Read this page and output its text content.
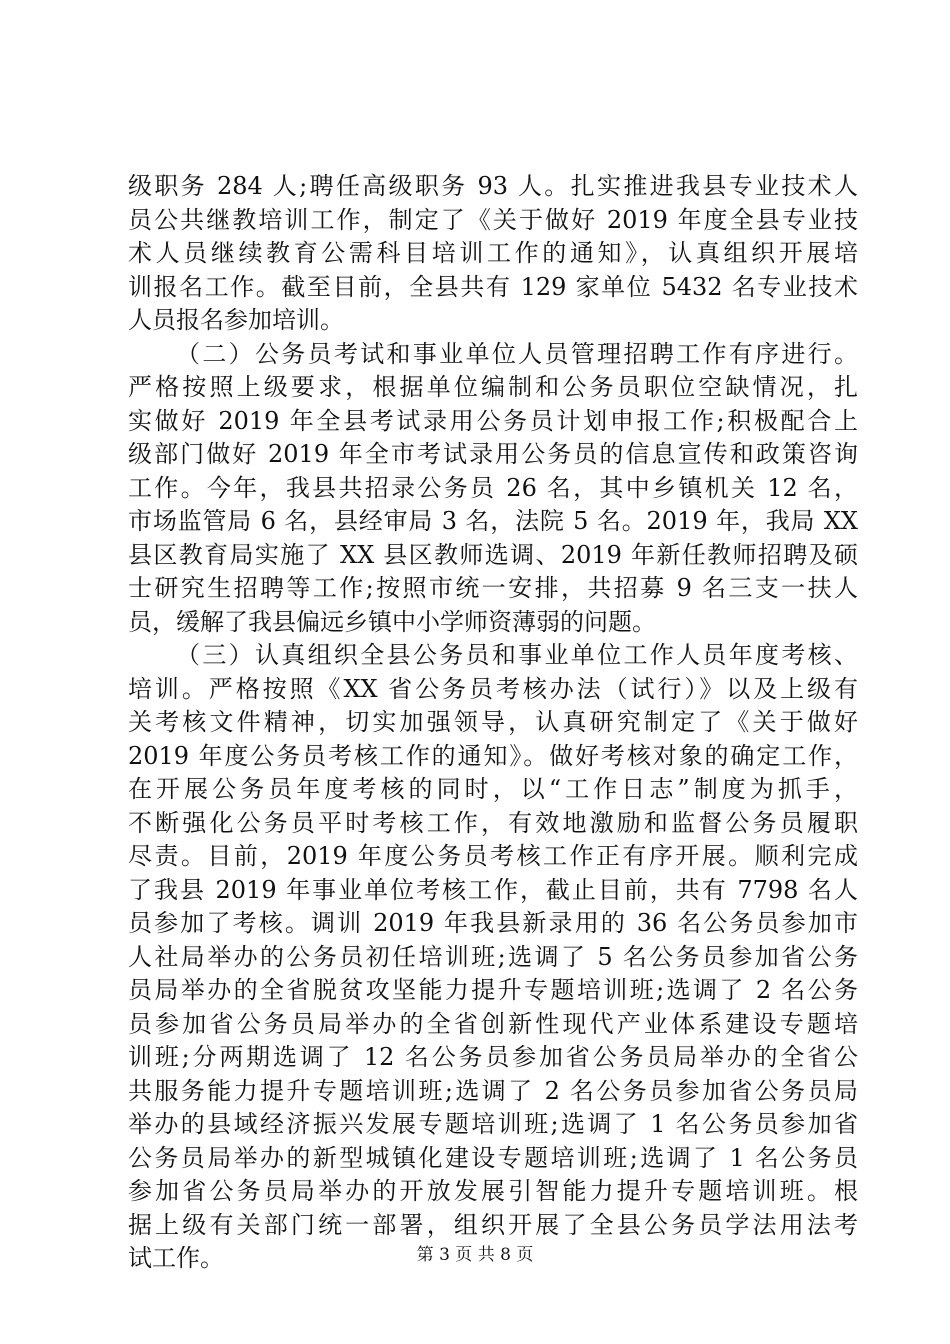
级职务 284 人;聘任高级职务 93 人。扎实推进我县专业技术人
员公共继教培训工作，制定了《关于做好 2019 年度全县专业技
术人员继续教育公需科目培训工作的通知》，认真组织开展培
训报名工作。截至目前，全县共有 129 家单位 5432 名专业技术
人员报名参加培训。
（二）公务员考试和事业单位人员管理招聘工作有序进行。
严格按照上级要求，根据单位编制和公务员职位空缺情况，扎
实做好 2019 年全县考试录用公务员计划申报工作;积极配合上
级部门做好 2019 年全市考试录用公务员的信息宣传和政策咨询
工作。今年，我县共招录公务员 26 名，其中乡镇机关 12 名，
市场监管局 6 名，县经审局 3 名，法院 5 名。2019 年，我局 XX
县区教育局实施了 XX 县区教师选调、2019 年新任教师招聘及硕
士研究生招聘等工作;按照市统一安排，共招募 9 名三支一扶人
员，缓解了我县偏远乡镇中小学师资薄弱的问题。
（三）认真组织全县公务员和事业单位工作人员年度考核、
培训。严格按照《XX 省公务员考核办法（试行）》以及上级有
关考核文件精神，切实加强领导，认真研究制定了《关于做好
2019 年度公务员考核工作的通知》。做好考核对象的确定工作，
在开展公务员年度考核的同时，以“工作日志”制度为抓手，
不断强化公务员平时考核工作，有效地激励和监督公务员履职
尽责。目前，2019 年度公务员考核工作正有序开展。顺利完成
了我县 2019 年事业单位考核工作，截止目前，共有 7798 名人
员参加了考核。调训 2019 年我县新录用的 36 名公务员参加市
人社局举办的公务员初任培训班;选调了 5 名公务员参加省公务
员局举办的全省脱贫攻坚能力提升专题培训班;选调了 2 名公务
员参加省公务员局举办的全省创新性现代产业体系建设专题培
训班;分两期选调了 12 名公务员参加省公务员局举办的全省公
共服务能力提升专题培训班;选调了 2 名公务员参加省公务员局
举办的县域经济振兴发展专题培训班;选调了 1 名公务员参加省
公务员局举办的新型城镇化建设专题培训班;选调了 1 名公务员
参加省公务员局举办的开放发展引智能力提升专题培训班。根
据上级有关部门统一部署，组织开展了全县公务员学法用法考
试工作。	第 3 页 共 8 页
